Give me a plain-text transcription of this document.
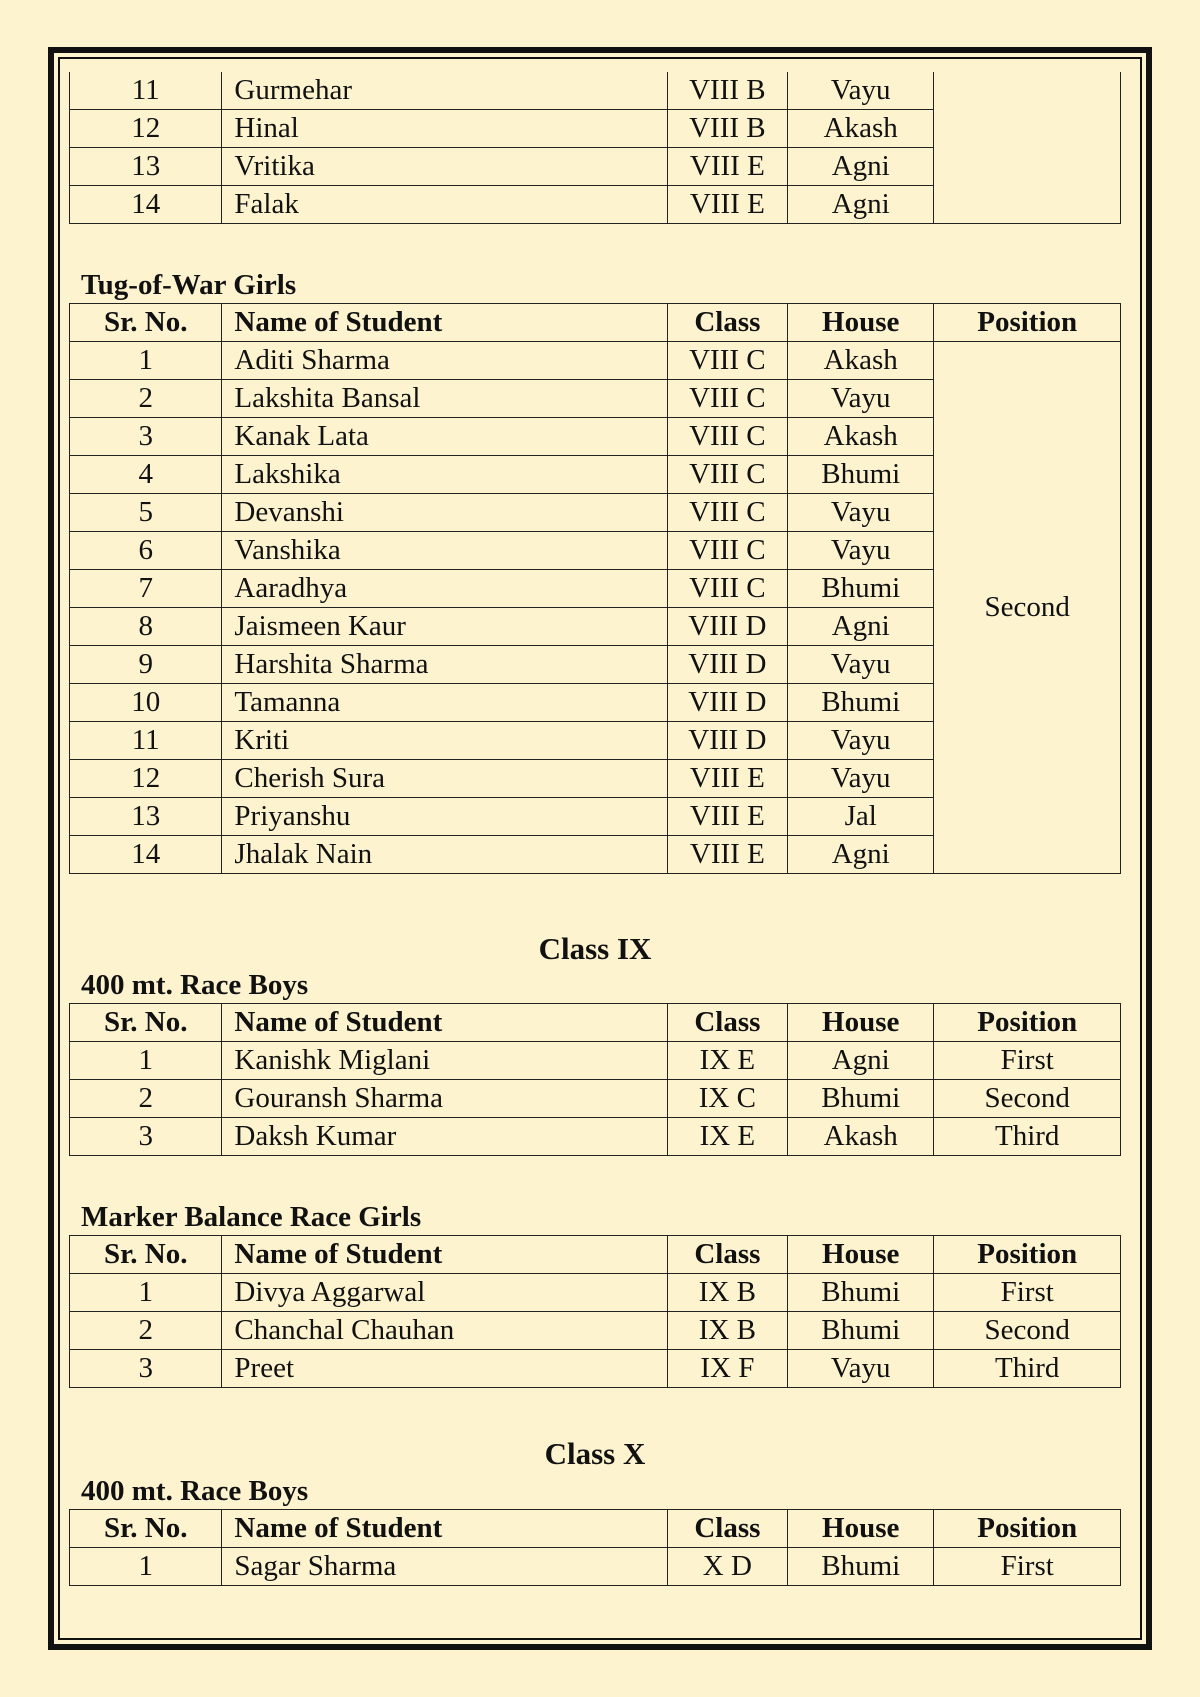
11	Gurmehar	VIII B	Vayu	
12	Hinal	VIII B	Akash	
13	Vritika	VIII E	Agni	
14	Falak	VIII E	Agni	
Tug-of-War Girls
Sr. No.	Name of Student	Class	House	Position
1	Aditi Sharma	VIII C	Akash	Second
2	Lakshita Bansal	VIII C	Vayu	
3	Kanak Lata	VIII C	Akash	
4	Lakshika	VIII C	Bhumi	
5	Devanshi	VIII C	Vayu	
6	Vanshika	VIII C	Vayu	
7	Aaradhya	VIII C	Bhumi	
8	Jaismeen Kaur	VIII D	Agni	
9	Harshita Sharma	VIII D	Vayu	
10	Tamanna	VIII D	Bhumi	
11	Kriti	VIII D	Vayu	
12	Cherish Sura	VIII E	Vayu	
13	Priyanshu	VIII E	Jal	
14	Jhalak Nain	VIII E	Agni	
Class IX
400 mt. Race Boys
Sr. No.	Name of Student	Class	House	Position
1	Kanishk Miglani	IX E	Agni	First
2	Gouransh Sharma	IX C	Bhumi	Second
3	Daksh Kumar	IX E	Akash	Third
Marker Balance Race Girls
Sr. No.	Name of Student	Class	House	Position
1	Divya Aggarwal	IX B	Bhumi	First
2	Chanchal Chauhan	IX B	Bhumi	Second
3	Preet	IX F	Vayu	Third
Class X
400 mt. Race Boys
Sr. No.	Name of Student	Class	House	Position
1	Sagar Sharma	X D	Bhumi	First
